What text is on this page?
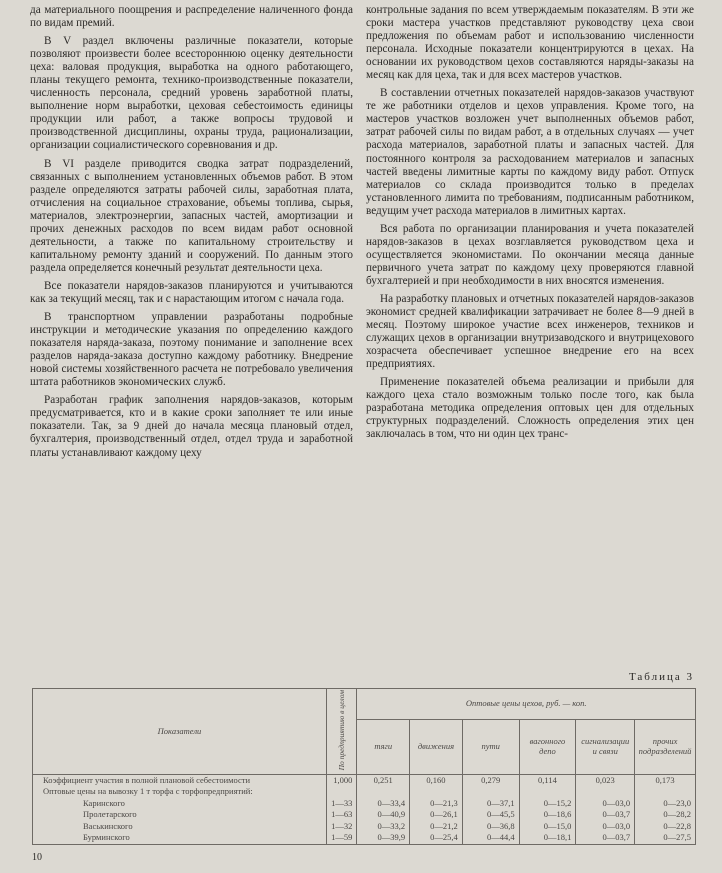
да материального поощрения и распределение наличенного фонда по видам премий.

В V раздел включены различные показатели, которые позволяют произвести более всестороннюю оценку деятельности цеха: валовая продукция, выработка на одного работающего, планы текущего ремонта, технико-производственные показатели, численность персонала, средний уровень заработной платы, выполнение норм выработки, цеховая себестоимость единицы продукции или работ, а также вопросы трудовой и производственной дисциплины, охраны труда, рационализации, организации социалистического соревнования и др.

В VI разделе приводится сводка затрат подразделений, связанных с выполнением установленных объемов работ. В этом разделе определяются затраты рабочей силы, заработная плата, отчисления на социальное страхование, объемы топлива, сырья, материалов, электроэнергии, запасных частей, амортизации и прочих денежных расходов по всем видам работ основной деятельности, а также по капитальному строительству и капитальному ремонту зданий и сооружений. По данным этого раздела определяется конечный результат деятельности цеха.

Все показатели нарядов-заказов планируются и учитываются как за текущий месяц, так и с нарастающим итогом с начала года.

В транспортном управлении разработаны подробные инструкции и методические указания по определению каждого показателя наряда-заказа, поэтому понимание и заполнение всех разделов наряда-заказа доступно каждому работнику. Внедрение новой системы хозяйственного расчета не потребовало увеличения штата работников экономических служб.

Разработан график заполнения нарядов-заказов, которым предусматривается, кто и в какие сроки заполняет те или иные показатели. Так, за 9 дней до начала месяца плановый отдел, бухгалтерия, производственный отдел, отдел труда и заработной платы устанавливают каждому цеху

контрольные задания по всем утверждаемым показателям. В эти же сроки мастера участков представляют руководству цеха свои предложения по объемам работ и использованию численности персонала. Исходные показатели концентрируются в цехах. На основании их руководством цехов составляются наряды-заказы на месяц как для цеха, так и для всех мастеров участков.

В составлении отчетных показателей нарядов-заказов участвуют те же работники отделов и цехов управления. Кроме того, на мастеров участков возложен учет выполненных объемов работ, затрат рабочей силы по видам работ, а в отдельных случаях — учет расхода материалов, заработной платы и запасных частей. Для постоянного контроля за расходованием материалов и запасных частей введены лимитные карты по каждому виду работ. Отпуск материалов со склада производится только в пределах установленного лимита по требованиям, подписанным работником, ведущим учет расхода материалов в лимитных картах.

Вся работа по организации планирования и учета показателей нарядов-заказов в цехах возглавляется руководством цеха и осуществляется экономистами. По окончании месяца данные первичного учета затрат по каждому цеху проверяются главной бухгалтерией и при необходимости в них вносятся изменения.

На разработку плановых и отчетных показателей нарядов-заказов экономист средней квалификации затрачивает не более 8—9 дней в месяц. Поэтому широкое участие всех инженеров, техников и служащих цехов в организации внутризаводского и внутрицехового хозрасчета обеспечивает успешное внедрение его на всех предприятиях.

Применение показателей объема реализации и прибыли для каждого цеха стало возможным только после того, как была разработана методика определения оптовых цен для отдельных структурных подразделений. Сложность определения этих цен заключалась в том, что ни один цех транс-

Таблица 3
Показатели	По предприятию в целом	Оптовые цены цехов, руб. — коп.					
		тяги	движения	пути	вагонного депо	сигнализации и связи	прочих подразделений
Коэффициент участия в полной плановой себестоимости	1,000	0,251	0,160	0,279	0,114	0,023	0,173
Оптовые цены на вывозку 1 т торфа с торфопредприятий:							
Каринского	1—33	0—33,4	0—21,3	0—37,1	0—15,2	0—03,0	0—23,0
Пролетарского	1—63	0—40,9	0—26,1	0—45,5	0—18,6	0—03,7	0—28,2
Васькинского	1—32	0—33,2	0—21,2	0—36,8	0—15,0	0—03,0	0—22,8
Бурминского	1—59	0—39,9	0—25,4	0—44,4	0—18,1	0—03,7	0—27,5
10
